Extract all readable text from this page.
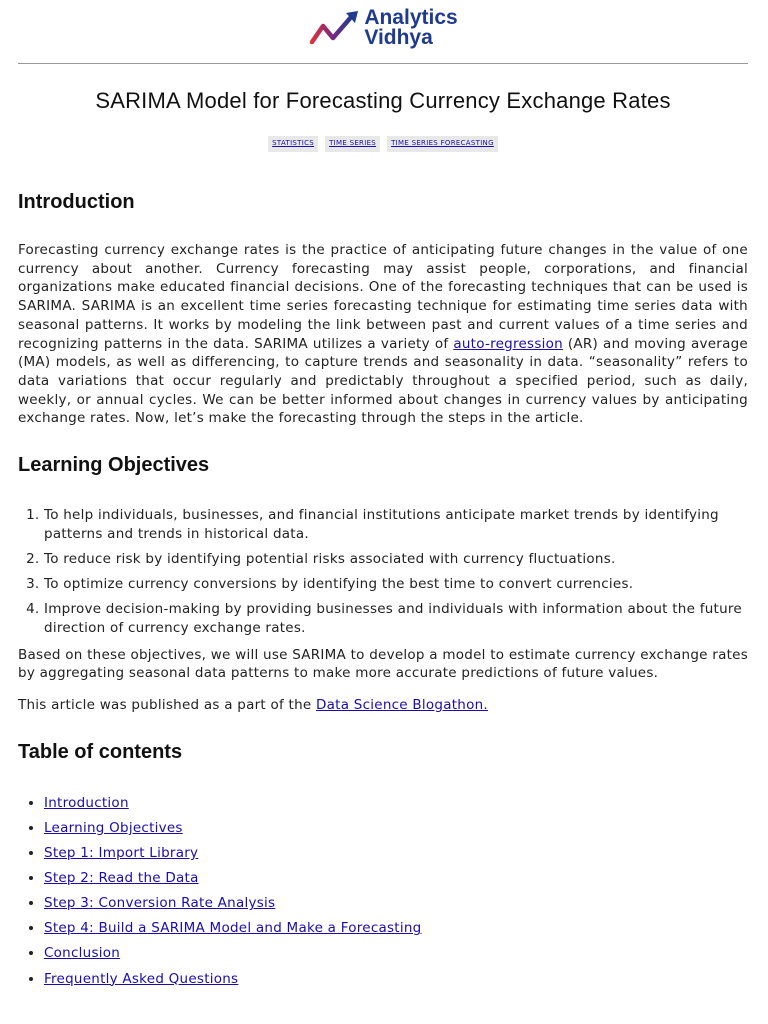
Analytics
Vidhya
SARIMA Model for Forecasting Currency Exchange Rates
STATISTICS	TIME SERIES	TIME SERIES FORECASTING
Introduction

Forecasting currency exchange rates is the practice of anticipating future changes in the value of one currency about another. Currency forecasting may assist people, corporations, and financial organizations make educated financial decisions. One of the forecasting techniques that can be used is SARIMA. SARIMA is an excellent time series forecasting technique for estimating time series data with seasonal patterns. It works by modeling the link between past and current values of a time series and recognizing patterns in the data. SARIMA utilizes a variety of auto-regression (AR) and moving average (MA) models, as well as differencing, to capture trends and seasonality in data. “seasonality” refers to data variations that occur regularly and predictably throughout a specified period, such as daily, weekly, or annual cycles. We can be better informed about changes in currency values by anticipating exchange rates. Now, let’s make the forecasting through the steps in the article.

Learning Objectives
1. To help individuals, businesses, and financial institutions anticipate market trends by identifying patterns and trends in historical data.
2. To reduce risk by identifying potential risks associated with currency fluctuations.
3. To optimize currency conversions by identifying the best time to convert currencies.
4. Improve decision-making by providing businesses and individuals with information about the future direction of currency exchange rates.

Based on these objectives, we will use SARIMA to develop a model to estimate currency exchange rates by aggregating seasonal data patterns to make more accurate predictions of future values.

This article was published as a part of the Data Science Blogathon.

Table of contents
• Introduction
• Learning Objectives
• Step 1: Import Library
• Step 2: Read the Data
• Step 3: Conversion Rate Analysis
• Step 4: Build a SARIMA Model and Make a Forecasting
• Conclusion
• Frequently Asked Questions
